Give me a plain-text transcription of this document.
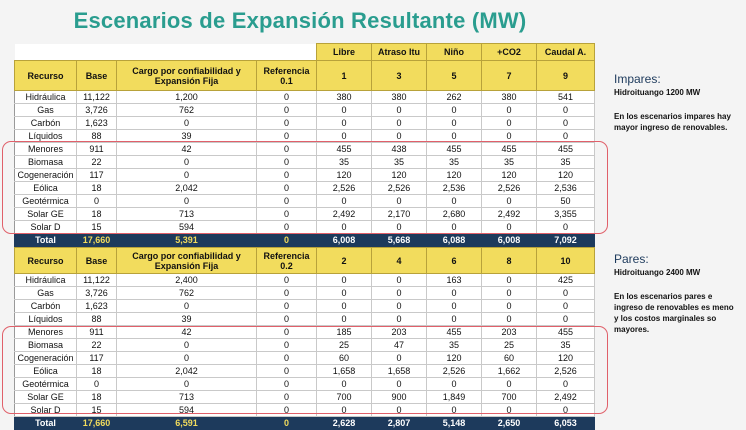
Escenarios de Expansión Resultante (MW)
				Libre	Atraso Itu	Niño	+CO2	Caudal A.
Recurso	Base	Cargo por confiabilidad y Expansión Fija	Referencia 0.1	1	3	5	7	9
Hidráulica	11,122	1,200	0	380	380	262	380	541
Gas	3,726	762	0	0	0	0	0	0
Carbón	1,623	0	0	0	0	0	0	0
Líquidos	88	39	0	0	0	0	0	0
Menores	911	42	0	455	438	455	455	455
Biomasa	22	0	0	35	35	35	35	35
Cogeneración	117	0	0	120	120	120	120	120
Eólica	18	2,042	0	2,526	2,526	2,536	2,526	2,536
Geotérmica	0	0	0	0	0	0	0	50
Solar GE	18	713	0	2,492	2,170	2,680	2,492	3,355
Solar D	15	594	0	0	0	0	0	0
Total	17,660	5,391	0	6,008	5,668	6,088	6,008	7,092
Recurso	Base	Cargo por confiabilidad y Expansión Fija	Referencia 0.2	2	4	6	8	10
Hidráulica	11,122	2,400	0	0	0	163	0	425
Gas	3,726	762	0	0	0	0	0	0
Carbón	1,623	0	0	0	0	0	0	0
Líquidos	88	39	0	0	0	0	0	0
Menores	911	42	0	185	203	455	203	455
Biomasa	22	0	0	25	47	35	25	35
Cogeneración	117	0	0	60	0	120	60	120
Eólica	18	2,042	0	1,658	1,658	2,526	1,662	2,526
Geotérmica	0	0	0	0	0	0	0	0
Solar GE	18	713	0	700	900	1,849	700	2,492
Solar D	15	594	0	0	0	0	0	0
Total	17,660	6,591	0	2,628	2,807	5,148	2,650	6,053
Impares:
Hidroituango 1200 MW
En los escenarios impares hay
mayor ingreso de renovables.
Pares:
Hidroituango 2400 MW
En los escenarios pares e
ingreso de renovables es meno
y los costos marginales so
mayores.
